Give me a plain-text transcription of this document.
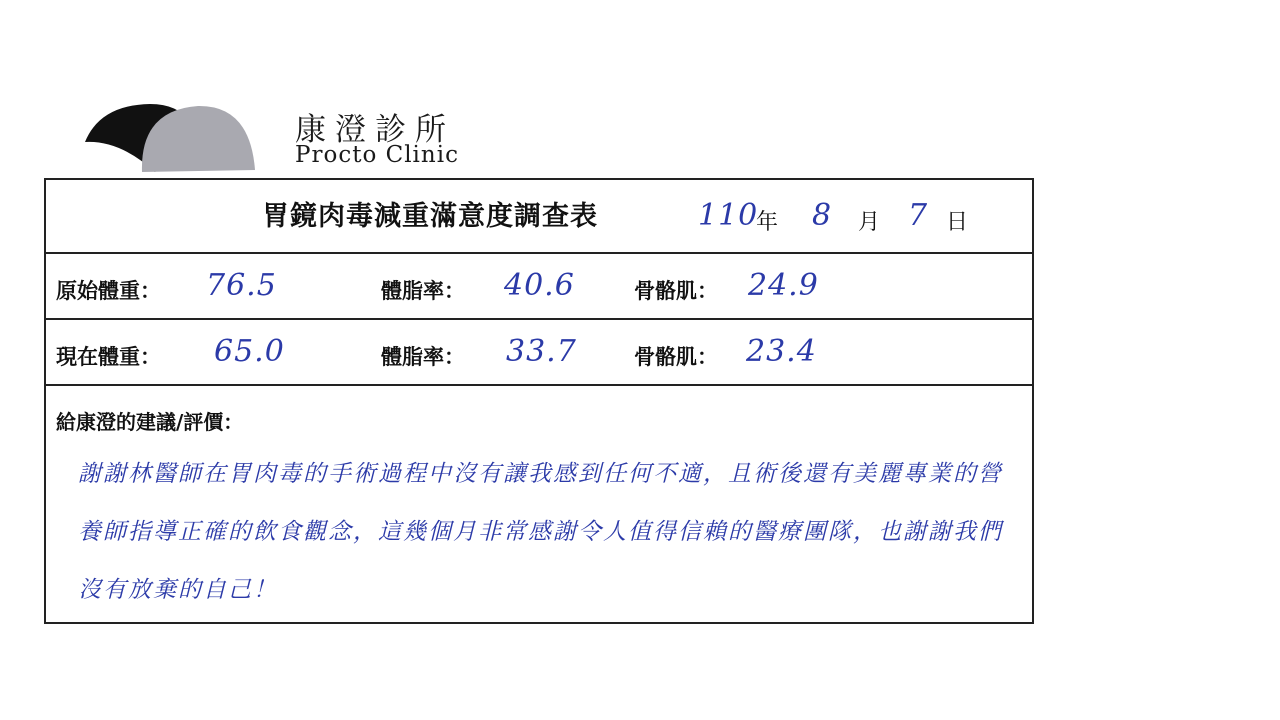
康澄診所
Procto Clinic
胃鏡肉毒減重滿意度調查表	110
年 8 月 7 日
原始體重： 76.5	體脂率： 40.6	骨骼肌： 24.9
現在體重： 65.0	體脂率： 33.7	骨骼肌： 23.4
給康澄的建議/評價：
謝謝林醫師在胃肉毒的手術過程中沒有讓我感到任何不適，且術後還有美麗專業的營養師指導正確的飲食觀念，這幾個月非常感謝令人值得信賴的醫療團隊，也謝謝我們沒有放棄的自己！
